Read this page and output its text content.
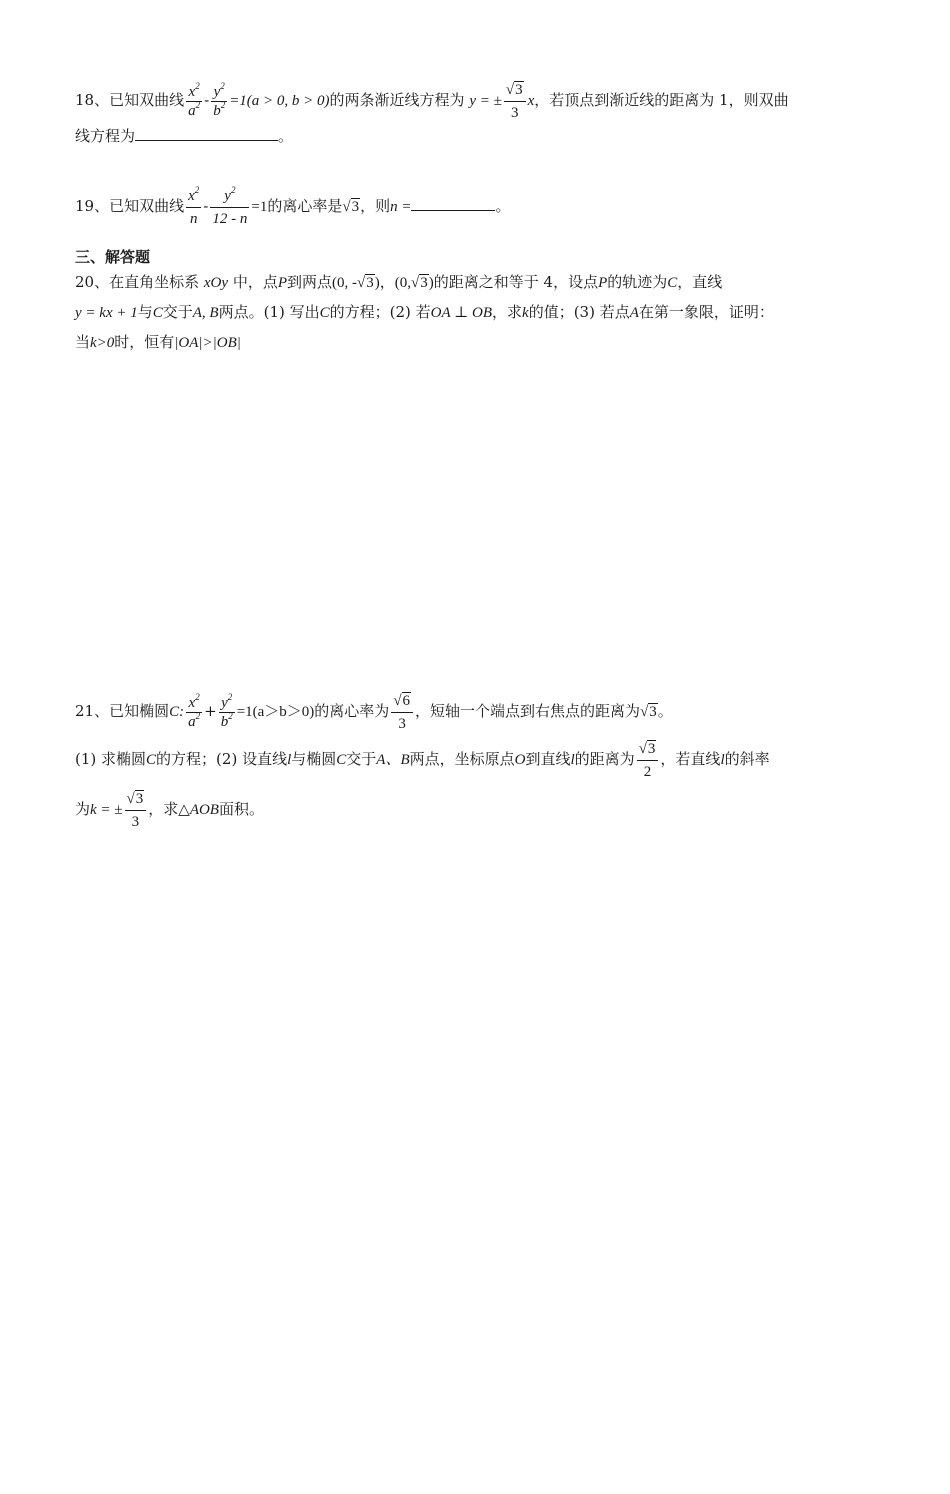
18、已知双曲线 $\frac{x^2}{a^2} - \frac{y^2}{b^2} =1(a > 0$, b > 0)的两条渐近线方程为 y = ± $\frac{√3}{3}$ x，若顶点到渐近线的距离为 1，则双曲
线方程为	。
19、已知双曲线 $\frac{x^2}{n} - \frac{y^2}{12 - n} =1$的离心率是√3，则n =	。
三、解答题
20、在直角坐标系 xOy 中，点P到两点(0, -√3)，(0,√3)的距离之和等于 4，设点P的轨迹为C，直线
y = kx + 1与C交于A, B两点。(1) 写出C的方程；(2) 若OA ⊥ OB，求k的值；(3) 若点A在第一象限，证明：
当k>0时，恒有|OA|>|OB|
21、已知椭圆C: $\frac{x^2}{a^2} + \frac{y^2}{b^2} =1(a>b>0)$的离心率为 $\frac{√6}{3}$ ，短轴一个端点到右焦点的距离为√3。
(1) 求椭圆C的方程；(2) 设直线l与椭圆C交于A、B两点，坐标原点O到直线l的距离为 $\frac{√3}{2}$ ，若直线l的斜率
为k = ± $\frac{√3}{3}$ ，求△AOB面积。
